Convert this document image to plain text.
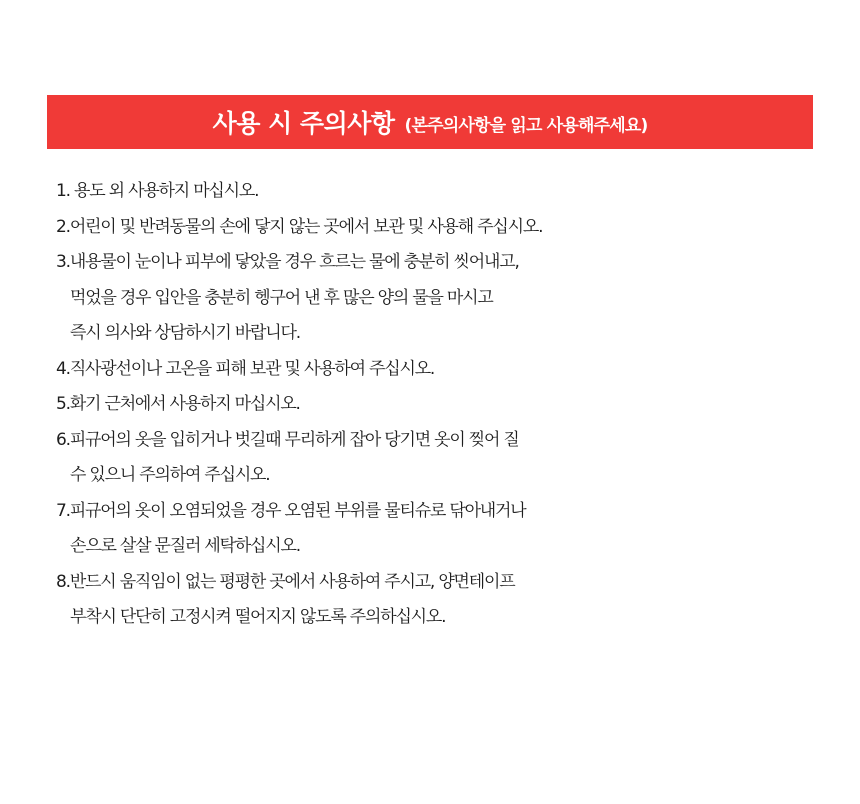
사용 시 주의사항 (본주의사항을 읽고 사용해주세요)
1. 용도 외 사용하지 마십시오.
2.어린이 및 반려동물의 손에 닿지 않는 곳에서 보관 및 사용해 주십시오.
3.내용물이 눈이나 피부에 닿았을 경우 흐르는 물에 충분히 씻어내고,
먹었을 경우 입안을 충분히 헹구어 낸 후 많은 양의 물을 마시고
즉시 의사와 상담하시기 바랍니다.
4.직사광선이나 고온을 피해 보관 및 사용하여 주십시오.
5.화기 근처에서 사용하지 마십시오.
6.피규어의 옷을 입히거나 벗길때 무리하게 잡아 당기면 옷이 찢어 질
수 있으니 주의하여 주십시오.
7.피규어의 옷이 오염되었을 경우 오염된 부위를 물티슈로 닦아내거나
손으로 살살 문질러 세탁하십시오.
8.반드시 움직임이 없는 평평한 곳에서 사용하여 주시고, 양면테이프
부착시 단단히 고정시켜 떨어지지 않도록 주의하십시오.
